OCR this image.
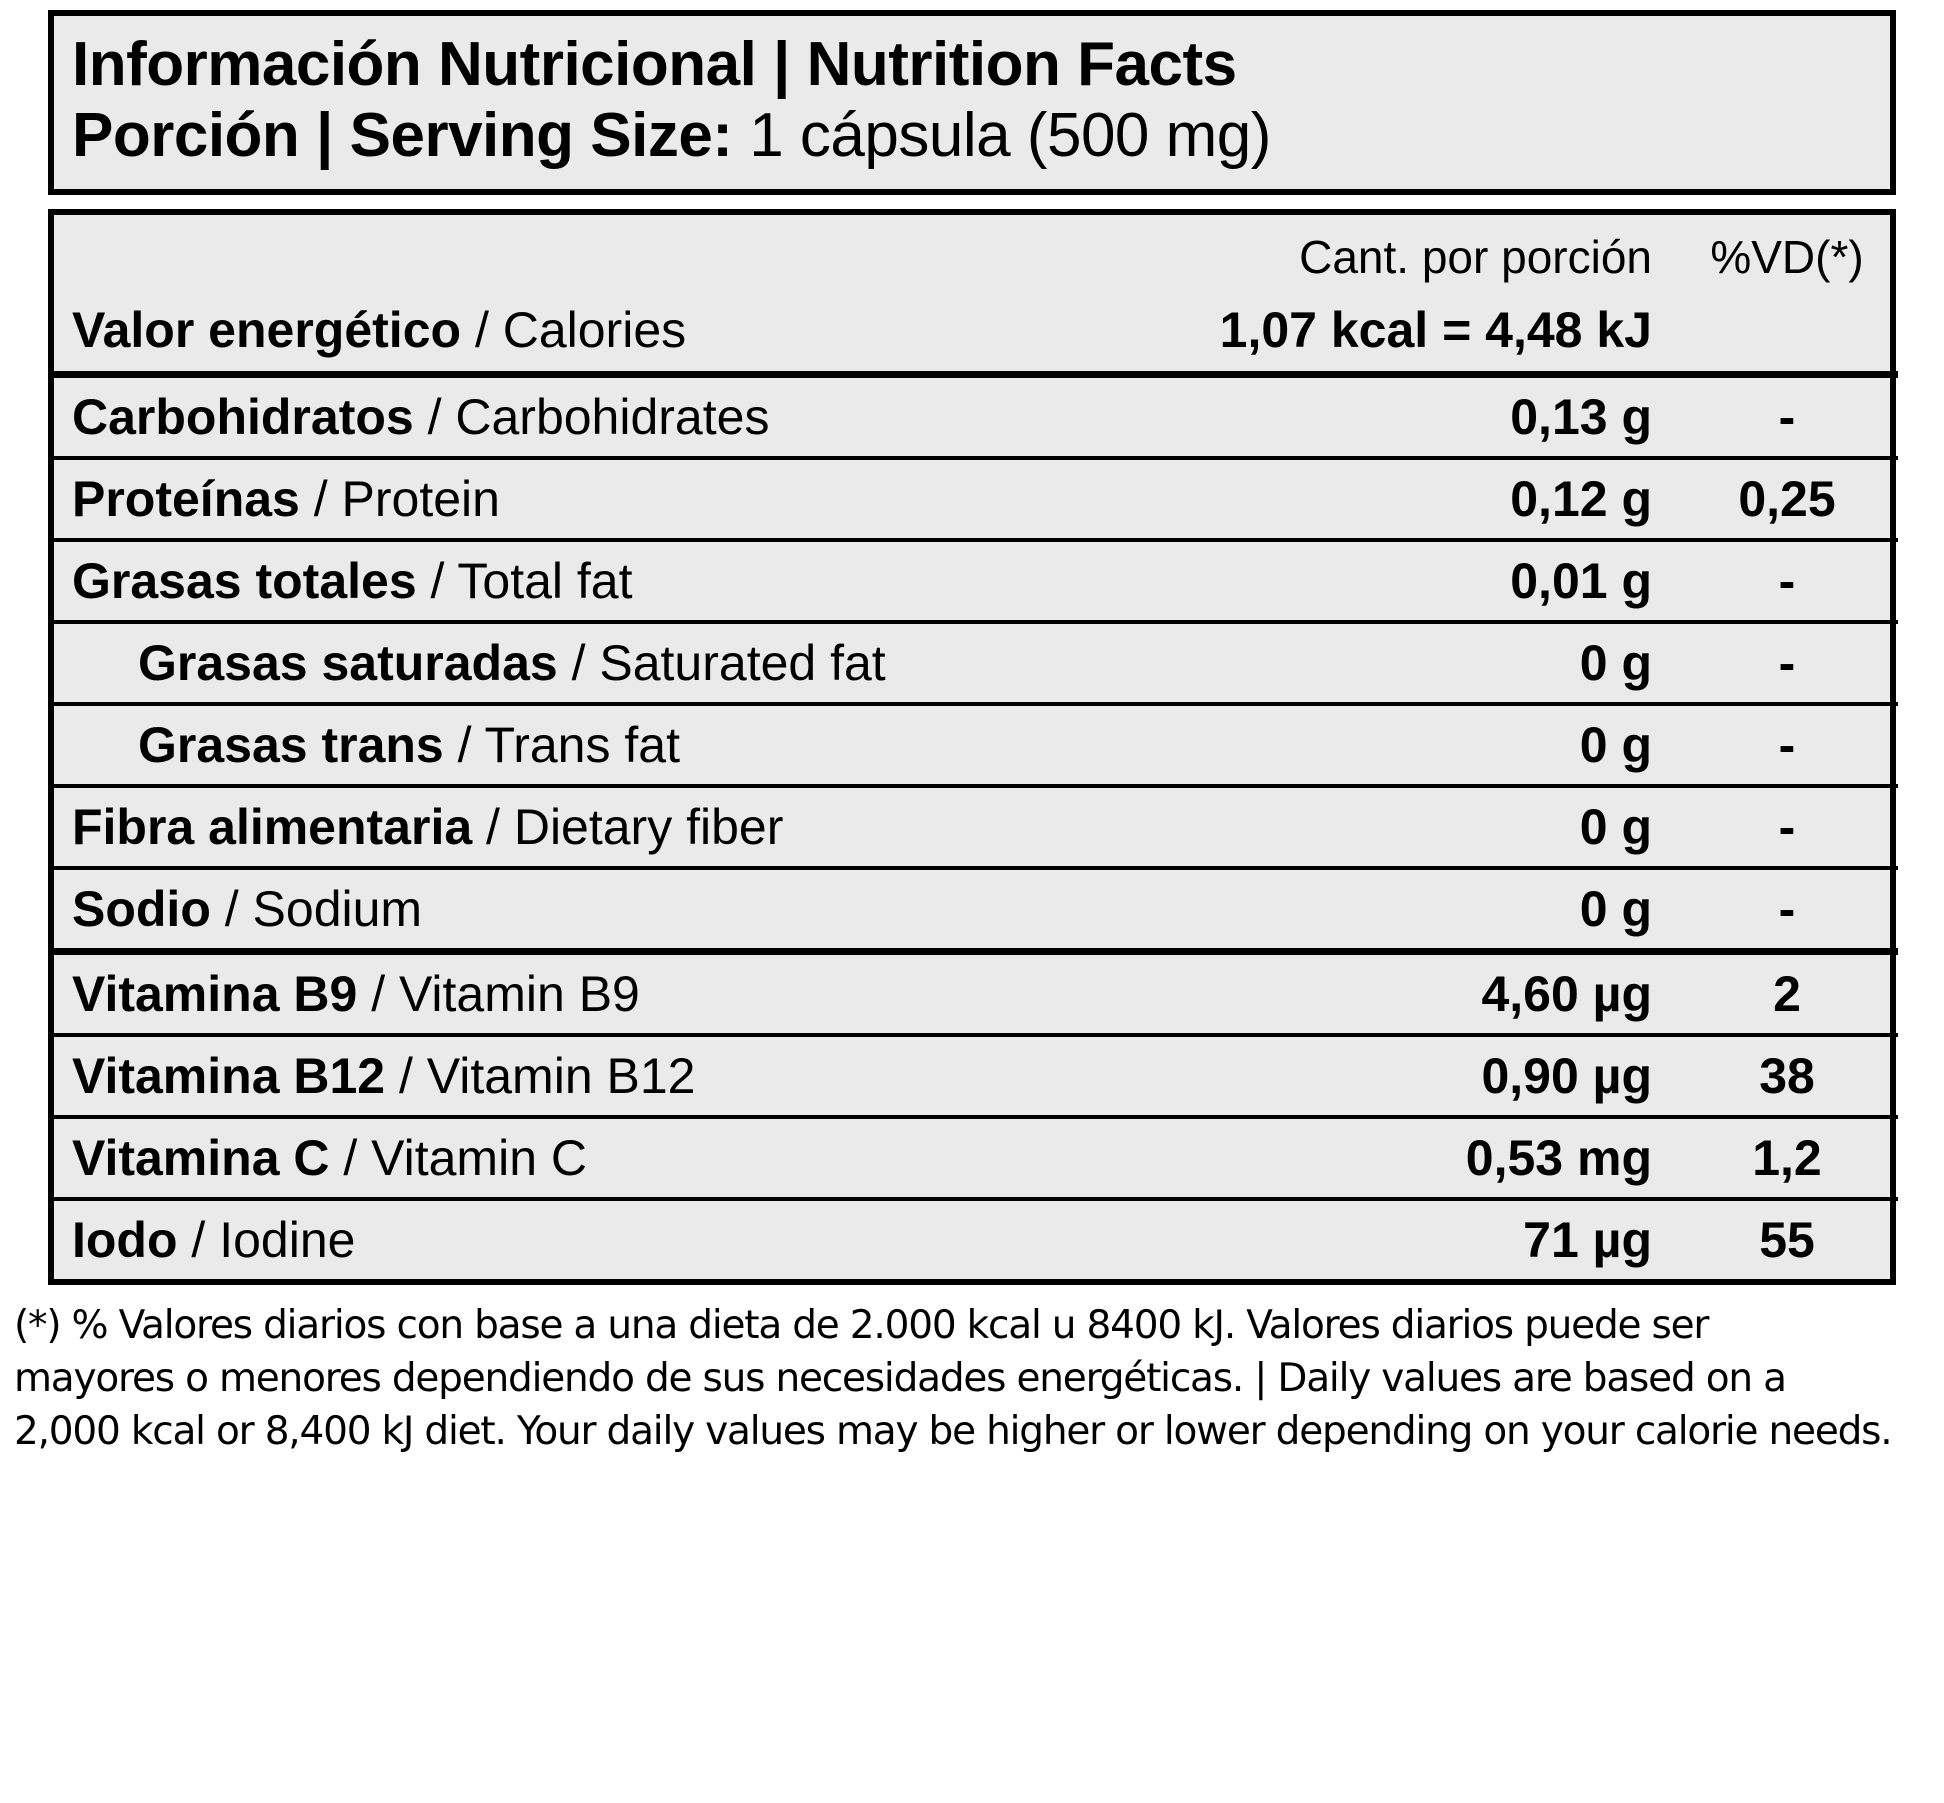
Información Nutricional | Nutrition Facts
Porción | Serving Size: 1 cápsula (500 mg)
	Cant. por porción	%VD(*)
Valor energético / Calories	1,07 kcal = 4,48 kJ	
Carbohidratos / Carbohidrates	0,13 g	-
Proteínas / Protein	0,12 g	0,25
Grasas totales / Total fat	0,01 g	-
Grasas saturadas / Saturated fat	0 g	-
Grasas trans / Trans fat	0 g	-
Fibra alimentaria / Dietary fiber	0 g	-
Sodio / Sodium	0 g	-
Vitamina B9 / Vitamin B9	4,60 µg	2
Vitamina B12 / Vitamin B12	0,90 µg	38
Vitamina C / Vitamin C	0,53 mg	1,2
Iodo / Iodine	71 µg	55

(*) % Valores diarios con base a una dieta de 2.000 kcal u 8400 kJ. Valores diarios puede ser

mayores o menores dependiendo de sus necesidades energéticas. | Daily values are based on a

2,000 kcal or 8,400 kJ diet. Your daily values may be higher or lower depending on your calorie needs.
